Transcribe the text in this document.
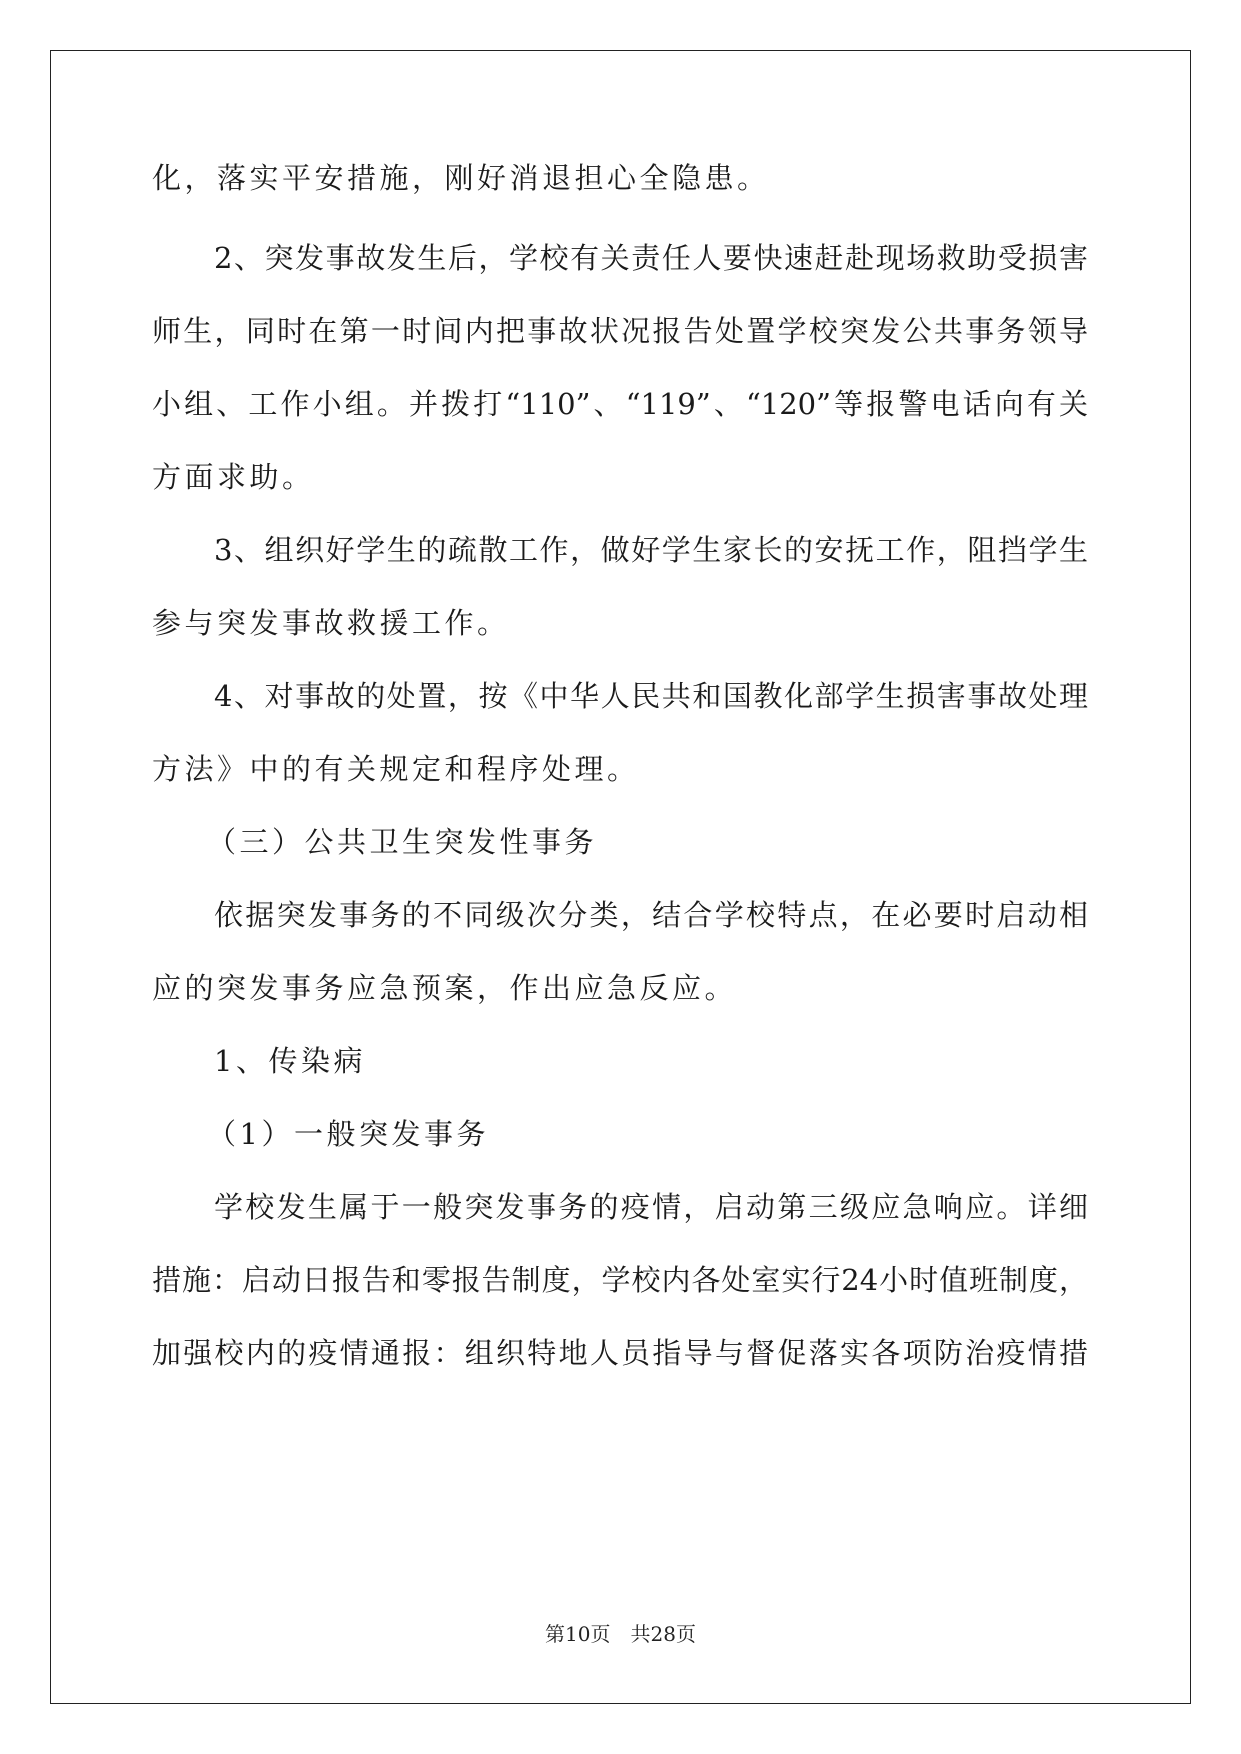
化，落实平安措施，刚好消退担心全隐患。
2、突发事故发生后，学校有关责任人要快速赶赴现场救助受损害
师生，同时在第一时间内把事故状况报告处置学校突发公共事务领导
小组、工作小组。并拨打“110”、“119”、“120”等报警电话向有关
方面求助。
3、组织好学生的疏散工作，做好学生家长的安抚工作，阻挡学生
参与突发事故救援工作。
4、对事故的处置，按《中华人民共和国教化部学生损害事故处理
方法》中的有关规定和程序处理。
（三）公共卫生突发性事务
依据突发事务的不同级次分类，结合学校特点，在必要时启动相
应的突发事务应急预案，作出应急反应。
1、传染病
（1）一般突发事务
学校发生属于一般突发事务的疫情，启动第三级应急响应。详细
措施：启动日报告和零报告制度，学校内各处室实行24小时值班制度，
加强校内的疫情通报：组织特地人员指导与督促落实各项防治疫情措
第10页　共28页
